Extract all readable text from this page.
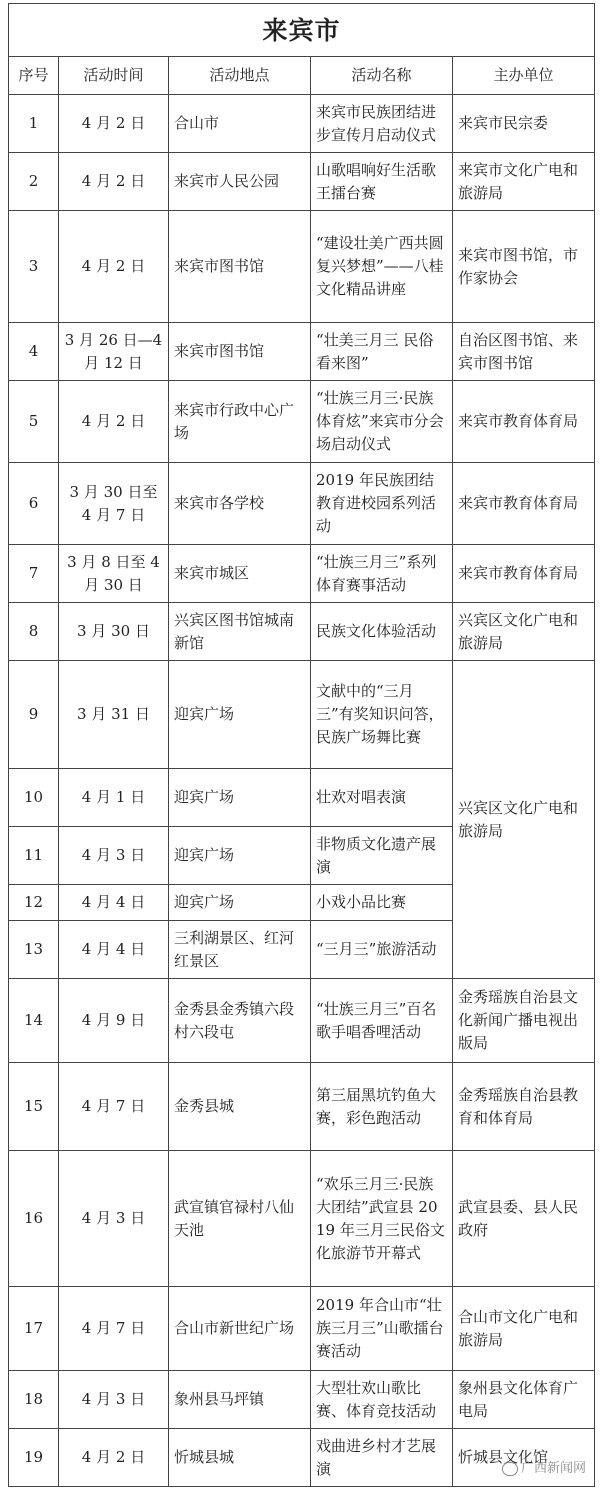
来宾市				
序号	活动时间	活动地点	活动名称	主办单位
1	4 月 2 日	合山市	来宾市民族团结进步宣传月启动仪式	来宾市民宗委
2	4 月 2 日	来宾市人民公园	山歌唱响好生活歌王擂台赛	来宾市文化广电和旅游局
3	4 月 2 日	来宾市图书馆	“建设壮美广西共圆复兴梦想”——八桂文化精品讲座	来宾市图书馆，市作家协会
4	3 月 26 日—4 月 12 日	来宾市图书馆	“壮美三月三 民俗看来图”	自治区图书馆、来宾市图书馆
5	4 月 2 日	来宾市行政中心广场	“壮族三月三·民族体育炫”来宾市分会场启动仪式	来宾市教育体育局
6	3 月 30 日至 4 月 7 日	来宾市各学校	2019 年民族团结教育进校园系列活动	来宾市教育体育局
7	3 月 8 日至 4 月 30 日	来宾市城区	“壮族三月三”系列体育赛事活动	来宾市教育体育局
8	3 月 30 日	兴宾区图书馆城南新馆	民族文化体验活动	兴宾区文化广电和旅游局
9	3 月 31 日	迎宾广场	文献中的“三月三”有奖知识问答，民族广场舞比赛	兴宾区文化广电和旅游局
10	4 月 1 日	迎宾广场	壮欢对唱表演	
11	4 月 3 日	迎宾广场	非物质文化遗产展演	
12	4 月 4 日	迎宾广场	小戏小品比赛	
13	4 月 4 日	三利湖景区、红河红景区	“三月三”旅游活动	
14	4 月 9 日	金秀县金秀镇六段村六段屯	“壮族三月三”百名歌手唱香哩活动	金秀瑶族自治县文化新闻广播电视出版局
15	4 月 7 日	金秀县城	第三届黑坑钓鱼大赛，彩色跑活动	金秀瑶族自治县教育和体育局
16	4 月 3 日	武宣镇官禄村八仙天池	“欢乐三月三·民族大团结”武宣县 2019 年三月三民俗文化旅游节开幕式	武宣县委、县人民政府
17	4 月 7 日	合山市新世纪广场	2019 年合山市“壮族三月三”山歌擂台赛活动	合山市文化广电和旅游局
18	4 月 3 日	象州县马坪镇	大型壮欢山歌比赛、体育竞技活动	象州县文化体育广电局
19	4 月 2 日	忻城县城	戏曲进乡村才艺展演	忻城县文化馆
广西新闻网
